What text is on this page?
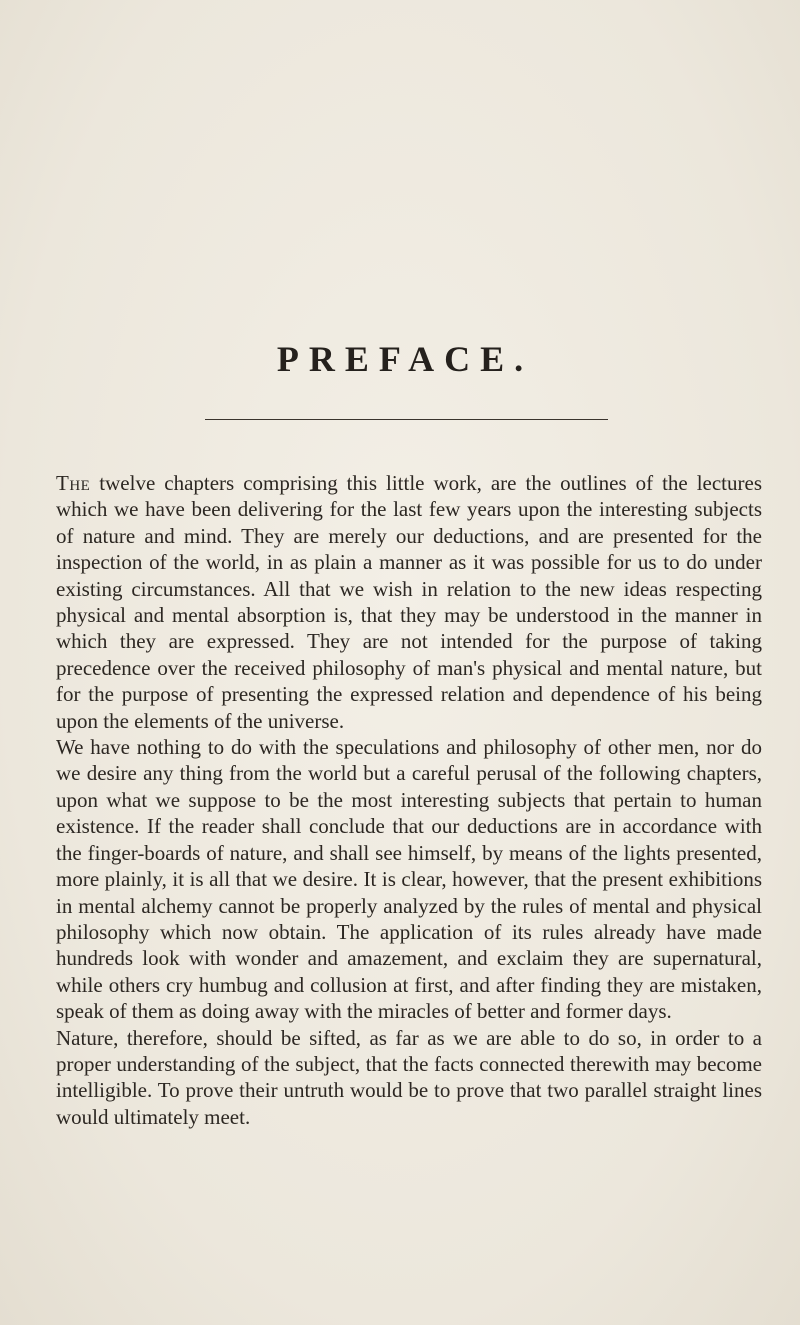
PREFACE.

The twelve chapters comprising this little work, are the outlines of the lectures which we have been delivering for the last few years upon the interesting subjects of nature and mind. They are merely our deductions, and are presented for the inspection of the world, in as plain a manner as it was possible for us to do under existing circumstances. All that we wish in relation to the new ideas respecting physical and mental absorption is, that they may be understood in the manner in which they are expressed. They are not intended for the purpose of taking precedence over the received philosophy of man's physical and mental nature, but for the purpose of presenting the expressed relation and dependence of his being upon the elements of the universe.

We have nothing to do with the speculations and philosophy of other men, nor do we desire any thing from the world but a careful perusal of the following chapters, upon what we suppose to be the most interesting subjects that pertain to human existence. If the reader shall conclude that our deductions are in accordance with the finger-boards of nature, and shall see himself, by means of the lights presented, more plainly, it is all that we desire. It is clear, however, that the present exhibitions in mental alchemy cannot be properly analyzed by the rules of mental and physical philosophy which now obtain. The application of its rules already have made hundreds look with wonder and amazement, and exclaim they are supernatural, while others cry humbug and collusion at first, and after finding they are mistaken, speak of them as doing away with the miracles of better and former days.

Nature, therefore, should be sifted, as far as we are able to do so, in order to a proper understanding of the subject, that the facts connected therewith may become intelligible. To prove their untruth would be to prove that two parallel straight lines would ultimately meet.
